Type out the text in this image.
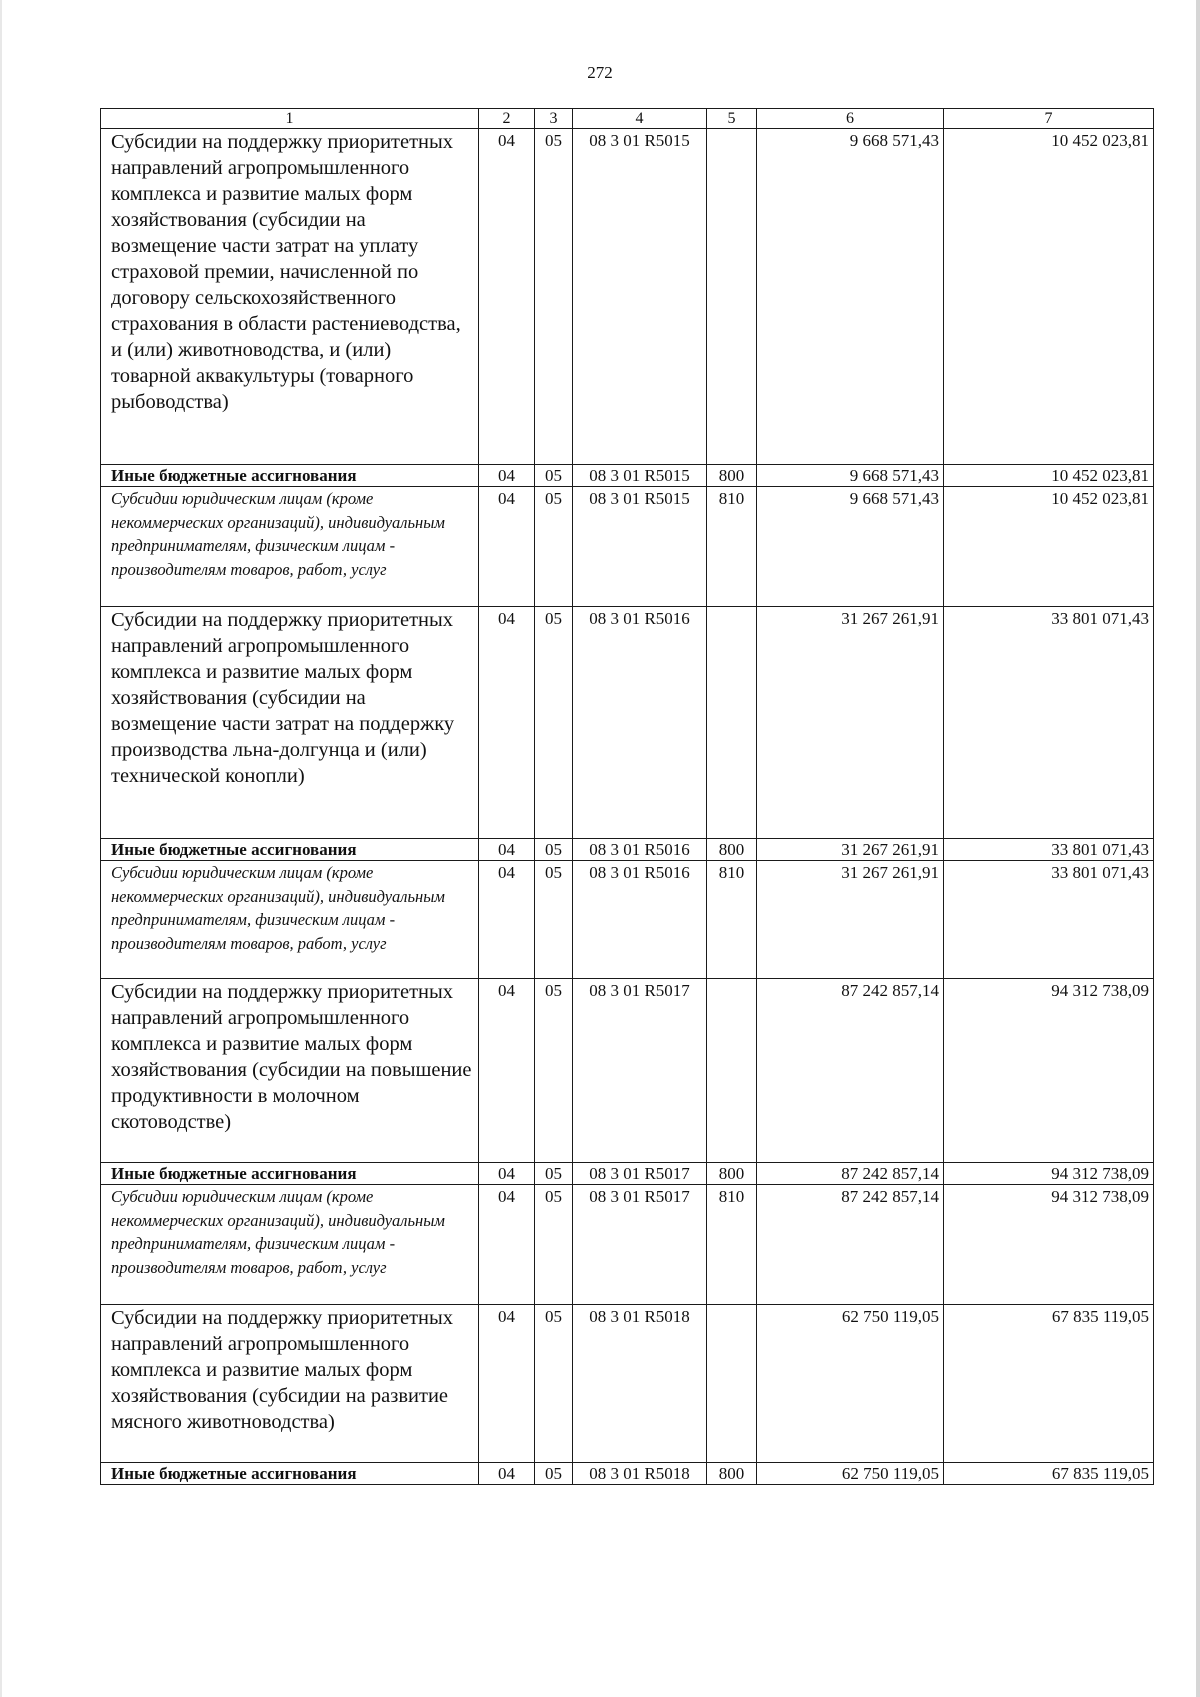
272
1	2	3	4	5	6	7
Субсидии на поддержку приоритетных направлений агропромышленного комплекса и развитие малых форм хозяйствования (субсидии на возмещение части затрат на уплату страховой премии, начисленной по договору сельскохозяйственного страхования в области растениеводства, и (или) животноводства, и (или) товарной аквакультуры (товарного рыбоводства)	04	05	08 3 01 R5015		9 668 571,43	10 452 023,81
Иные бюджетные ассигнования	04	05	08 3 01 R5015	800	9 668 571,43	10 452 023,81
Субсидии юридическим лицам (кроме некоммерческих организаций), индивидуальным предпринимателям, физическим лицам - производителям товаров, работ, услуг	04	05	08 3 01 R5015	810	9 668 571,43	10 452 023,81
Субсидии на поддержку приоритетных направлений агропромышленного комплекса и развитие малых форм хозяйствования (субсидии на возмещение части затрат на поддержку производства льна-долгунца и (или) технической конопли)	04	05	08 3 01 R5016		31 267 261,91	33 801 071,43
Иные бюджетные ассигнования	04	05	08 3 01 R5016	800	31 267 261,91	33 801 071,43
Субсидии юридическим лицам (кроме некоммерческих организаций), индивидуальным предпринимателям, физическим лицам - производителям товаров, работ, услуг	04	05	08 3 01 R5016	810	31 267 261,91	33 801 071,43
Субсидии на поддержку приоритетных направлений агропромышленного комплекса и развитие малых форм хозяйствования (субсидии на повышение продуктивности в молочном скотоводстве)	04	05	08 3 01 R5017		87 242 857,14	94 312 738,09
Иные бюджетные ассигнования	04	05	08 3 01 R5017	800	87 242 857,14	94 312 738,09
Субсидии юридическим лицам (кроме некоммерческих организаций), индивидуальным предпринимателям, физическим лицам - производителям товаров, работ, услуг	04	05	08 3 01 R5017	810	87 242 857,14	94 312 738,09
Субсидии на поддержку приоритетных направлений агропромышленного комплекса и развитие малых форм хозяйствования (субсидии на развитие мясного животноводства)	04	05	08 3 01 R5018		62 750 119,05	67 835 119,05
Иные бюджетные ассигнования	04	05	08 3 01 R5018	800	62 750 119,05	67 835 119,05
